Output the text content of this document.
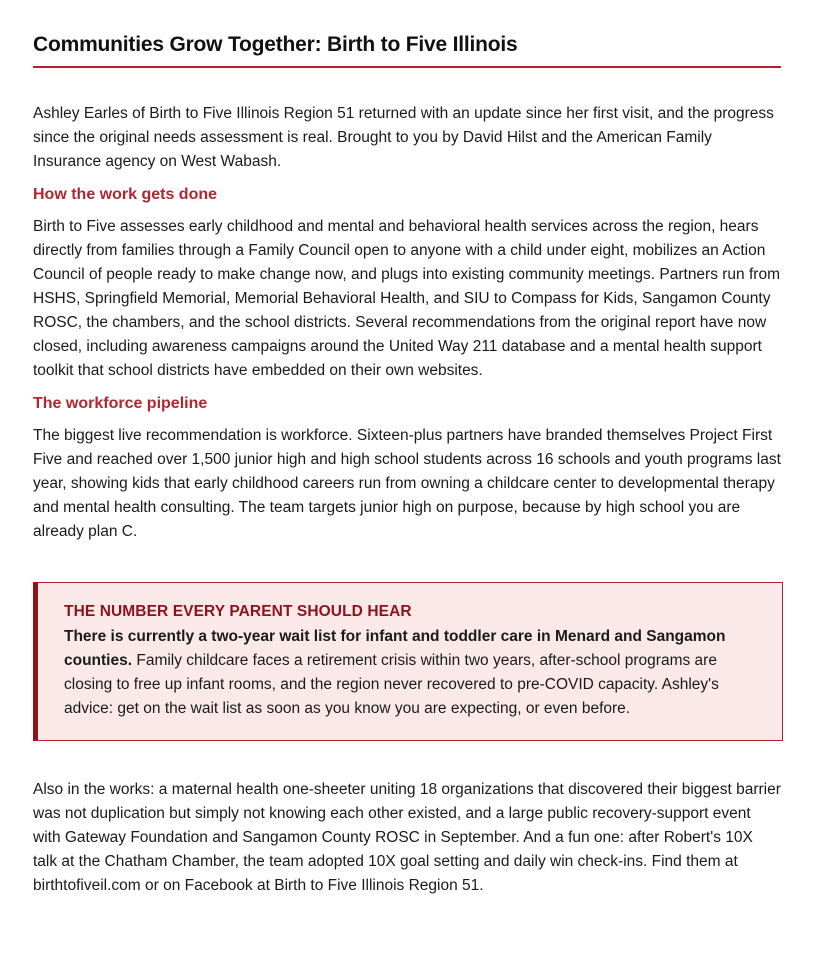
Communities Grow Together: Birth to Five Illinois

Ashley Earles of Birth to Five Illinois Region 51 returned with an update since her first visit, and the progress since the original needs assessment is real. Brought to you by David Hilst and the American Family Insurance agency on West Wabash.

How the work gets done

Birth to Five assesses early childhood and mental and behavioral health services across the region, hears directly from families through a Family Council open to anyone with a child under eight, mobilizes an Action Council of people ready to make change now, and plugs into existing community meetings. Partners run from HSHS, Springfield Memorial, Memorial Behavioral Health, and SIU to Compass for Kids, Sangamon County ROSC, the chambers, and the school districts. Several recommendations from the original report have now closed, including awareness campaigns around the United Way 211 database and a mental health support toolkit that school districts have embedded on their own websites.

The workforce pipeline

The biggest live recommendation is workforce. Sixteen-plus partners have branded themselves Project First Five and reached over 1,500 junior high and high school students across 16 schools and youth programs last year, showing kids that early childhood careers run from owning a childcare center to developmental therapy and mental health consulting. The team targets junior high on purpose, because by high school you are already plan C.

THE NUMBER EVERY PARENT SHOULD HEAR

There is currently a two-year wait list for infant and toddler care in Menard and Sangamon counties. Family childcare faces a retirement crisis within two years, after-school programs are closing to free up infant rooms, and the region never recovered to pre-COVID capacity. Ashley's advice: get on the wait list as soon as you know you are expecting, or even before.

Also in the works: a maternal health one-sheeter uniting 18 organizations that discovered their biggest barrier was not duplication but simply not knowing each other existed, and a large public recovery-support event with Gateway Foundation and Sangamon County ROSC in September. And a fun one: after Robert's 10X talk at the Chatham Chamber, the team adopted 10X goal setting and daily win check-ins. Find them at birthtofiveil.com or on Facebook at Birth to Five Illinois Region 51.
